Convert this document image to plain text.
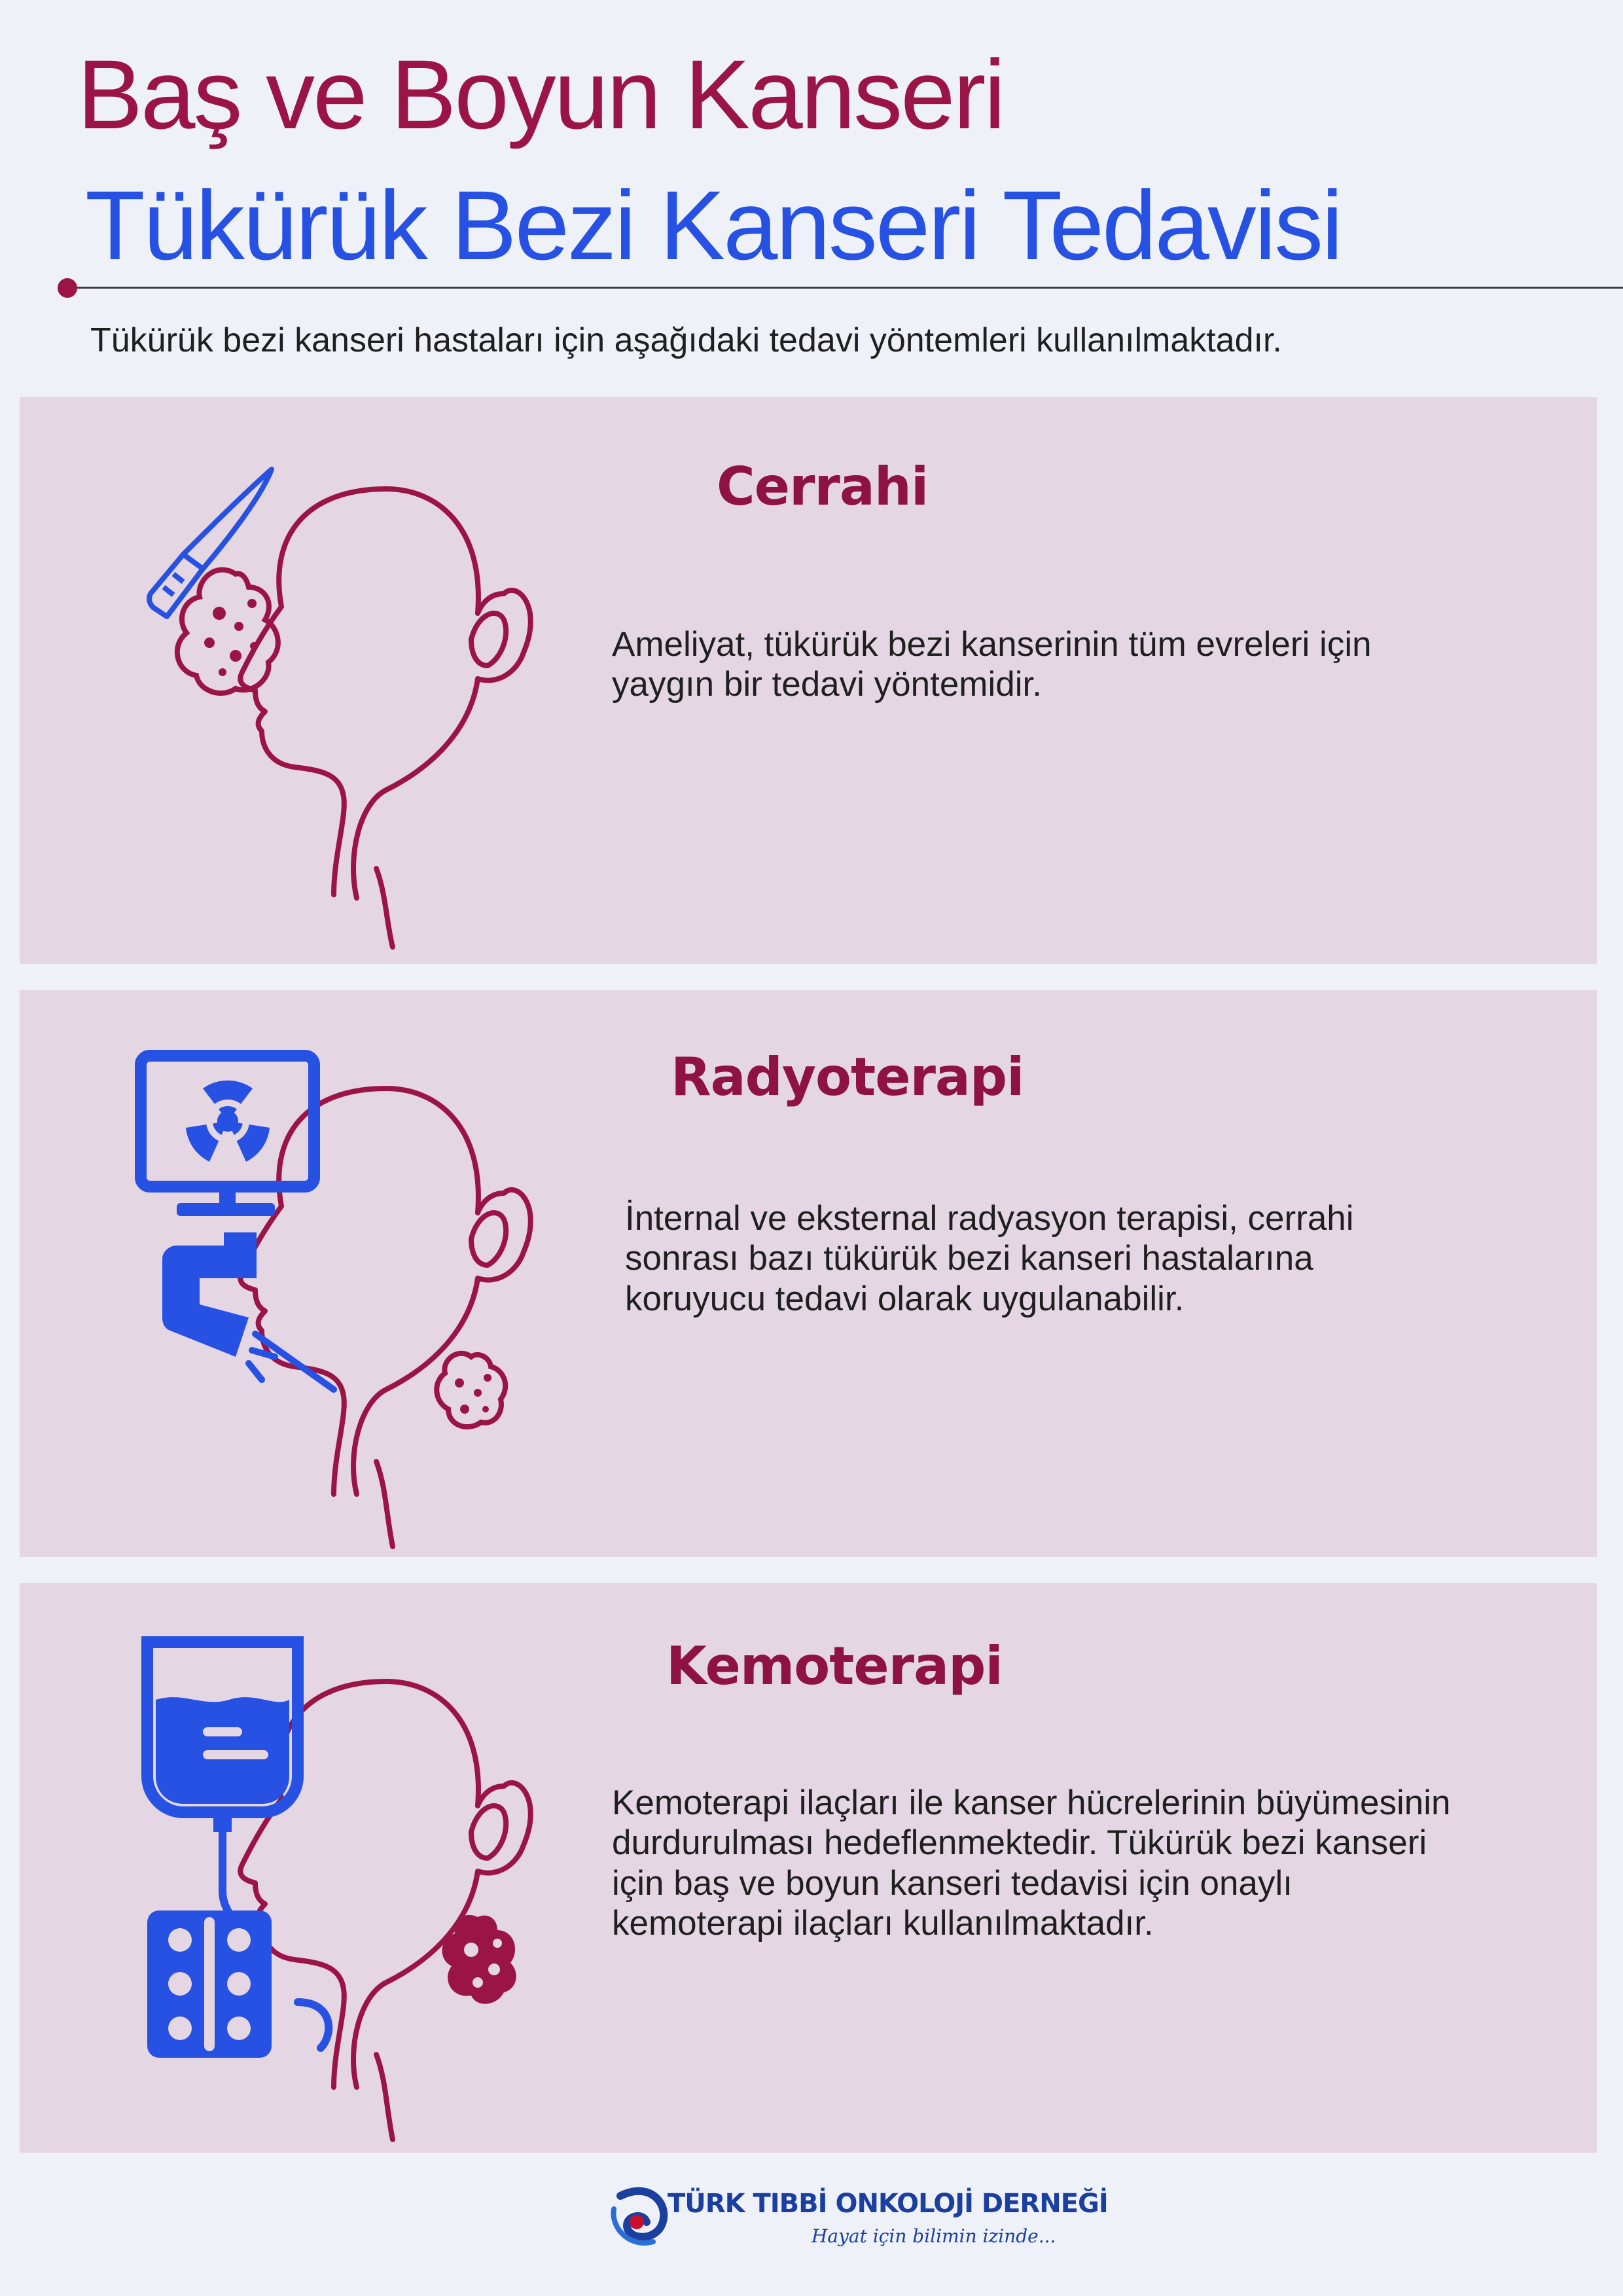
Baş ve Boyun Kanseri
Tükürük Bezi Kanseri Tedavisi

Tükürük bezi kanseri hastaları için aşağıdaki tedavi yöntemleri kullanılmaktadır.

Cerrahi

Ameliyat, tükürük bezi kanserinin tüm evreleri için
yaygın bir tedavi yöntemidir.

Radyoterapi

İnternal ve eksternal radyasyon terapisi, cerrahi
sonrası bazı tükürük bezi kanseri hastalarına
koruyucu tedavi olarak uygulanabilir.

Kemoterapi

Kemoterapi ilaçları ile kanser hücrelerinin büyümesinin
durdurulması hedeflenmektedir. Tükürük bezi kanseri
için baş ve boyun kanseri tedavisi için onaylı
kemoterapi ilaçları kullanılmaktadır.

TÜRK TIBBİ ONKOLOJİ DERNEĞİ

Hayat için bilimin izinde...
